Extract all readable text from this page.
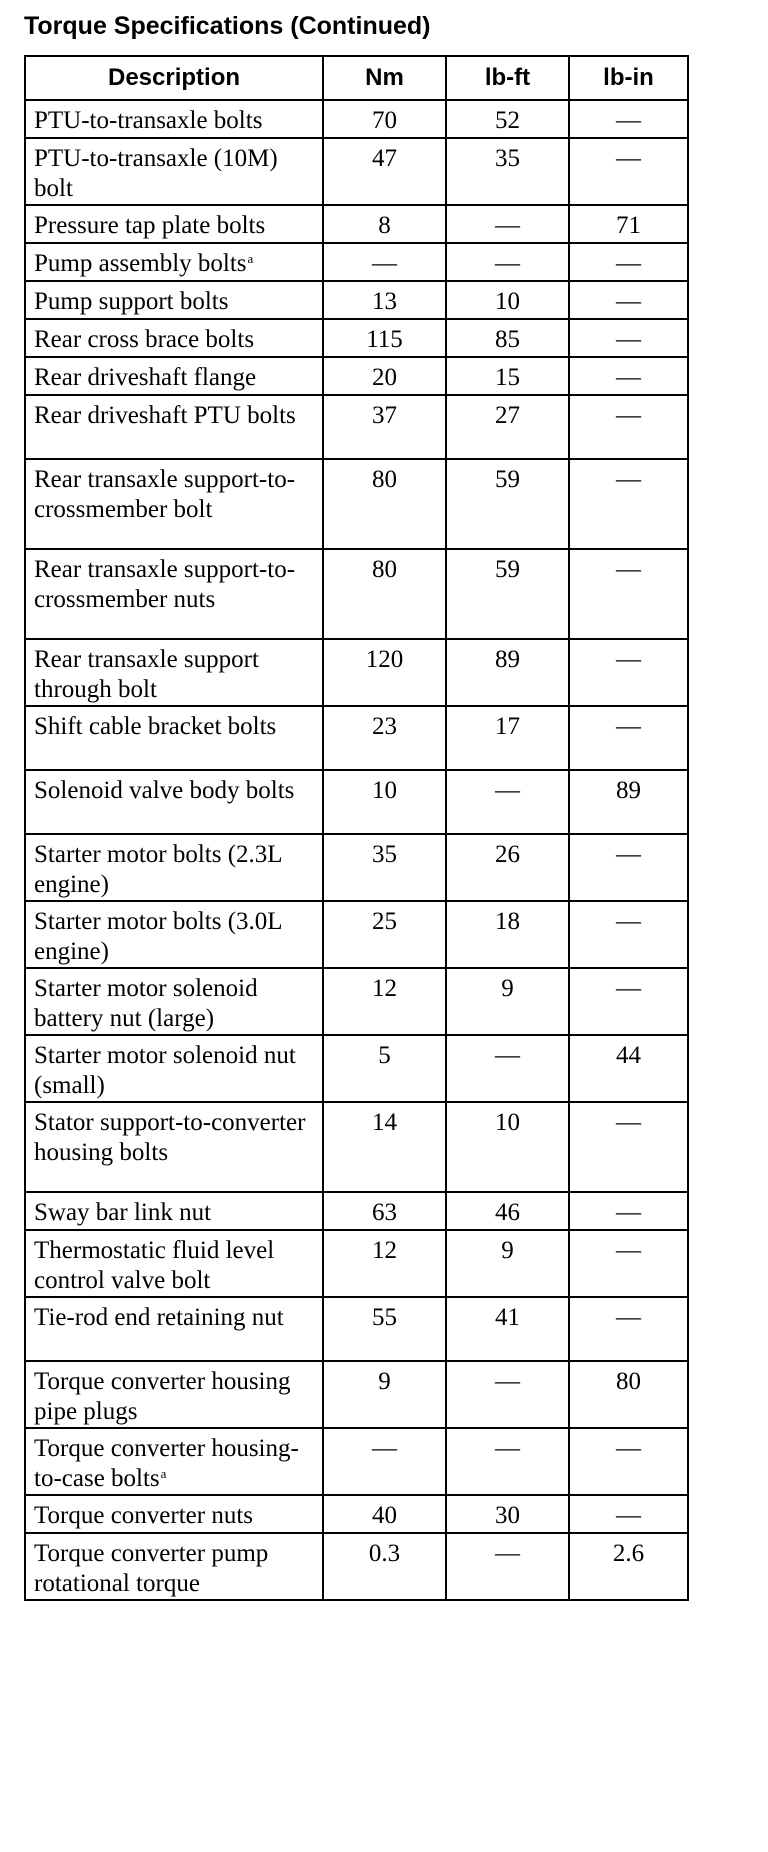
Torque Specifications (Continued)
Description	Nm	lb-ft	lb-in
PTU-to-transaxle bolts	70	52	—
PTU-to-transaxle (10M) bolt	47	35	—
Pressure tap plate bolts	8	—	71
Pump assembly bolts$^a$	—	—	—
Pump support bolts	13	10	—
Rear cross brace bolts	115	85	—
Rear driveshaft flange	20	15	—
Rear driveshaft PTU bolts	37	27	—
Rear transaxle support-to-crossmember bolt	80	59	—
Rear transaxle support-to-crossmember nuts	80	59	—
Rear transaxle support through bolt	120	89	—
Shift cable bracket bolts	23	17	—
Solenoid valve body bolts	10	—	89
Starter motor bolts (2.3L engine)	35	26	—
Starter motor bolts (3.0L engine)	25	18	—
Starter motor solenoid battery nut (large)	12	9	—
Starter motor solenoid nut (small)	5	—	44
Stator support-to-converter housing bolts	14	10	—
Sway bar link nut	63	46	—
Thermostatic fluid level control valve bolt	12	9	—
Tie-rod end retaining nut	55	41	—
Torque converter housing pipe plugs	9	—	80
Torque converter housing-to-case bolts$^a$	—	—	—
Torque converter nuts	40	30	—
Torque converter pump rotational torque	0.3	—	2.6
